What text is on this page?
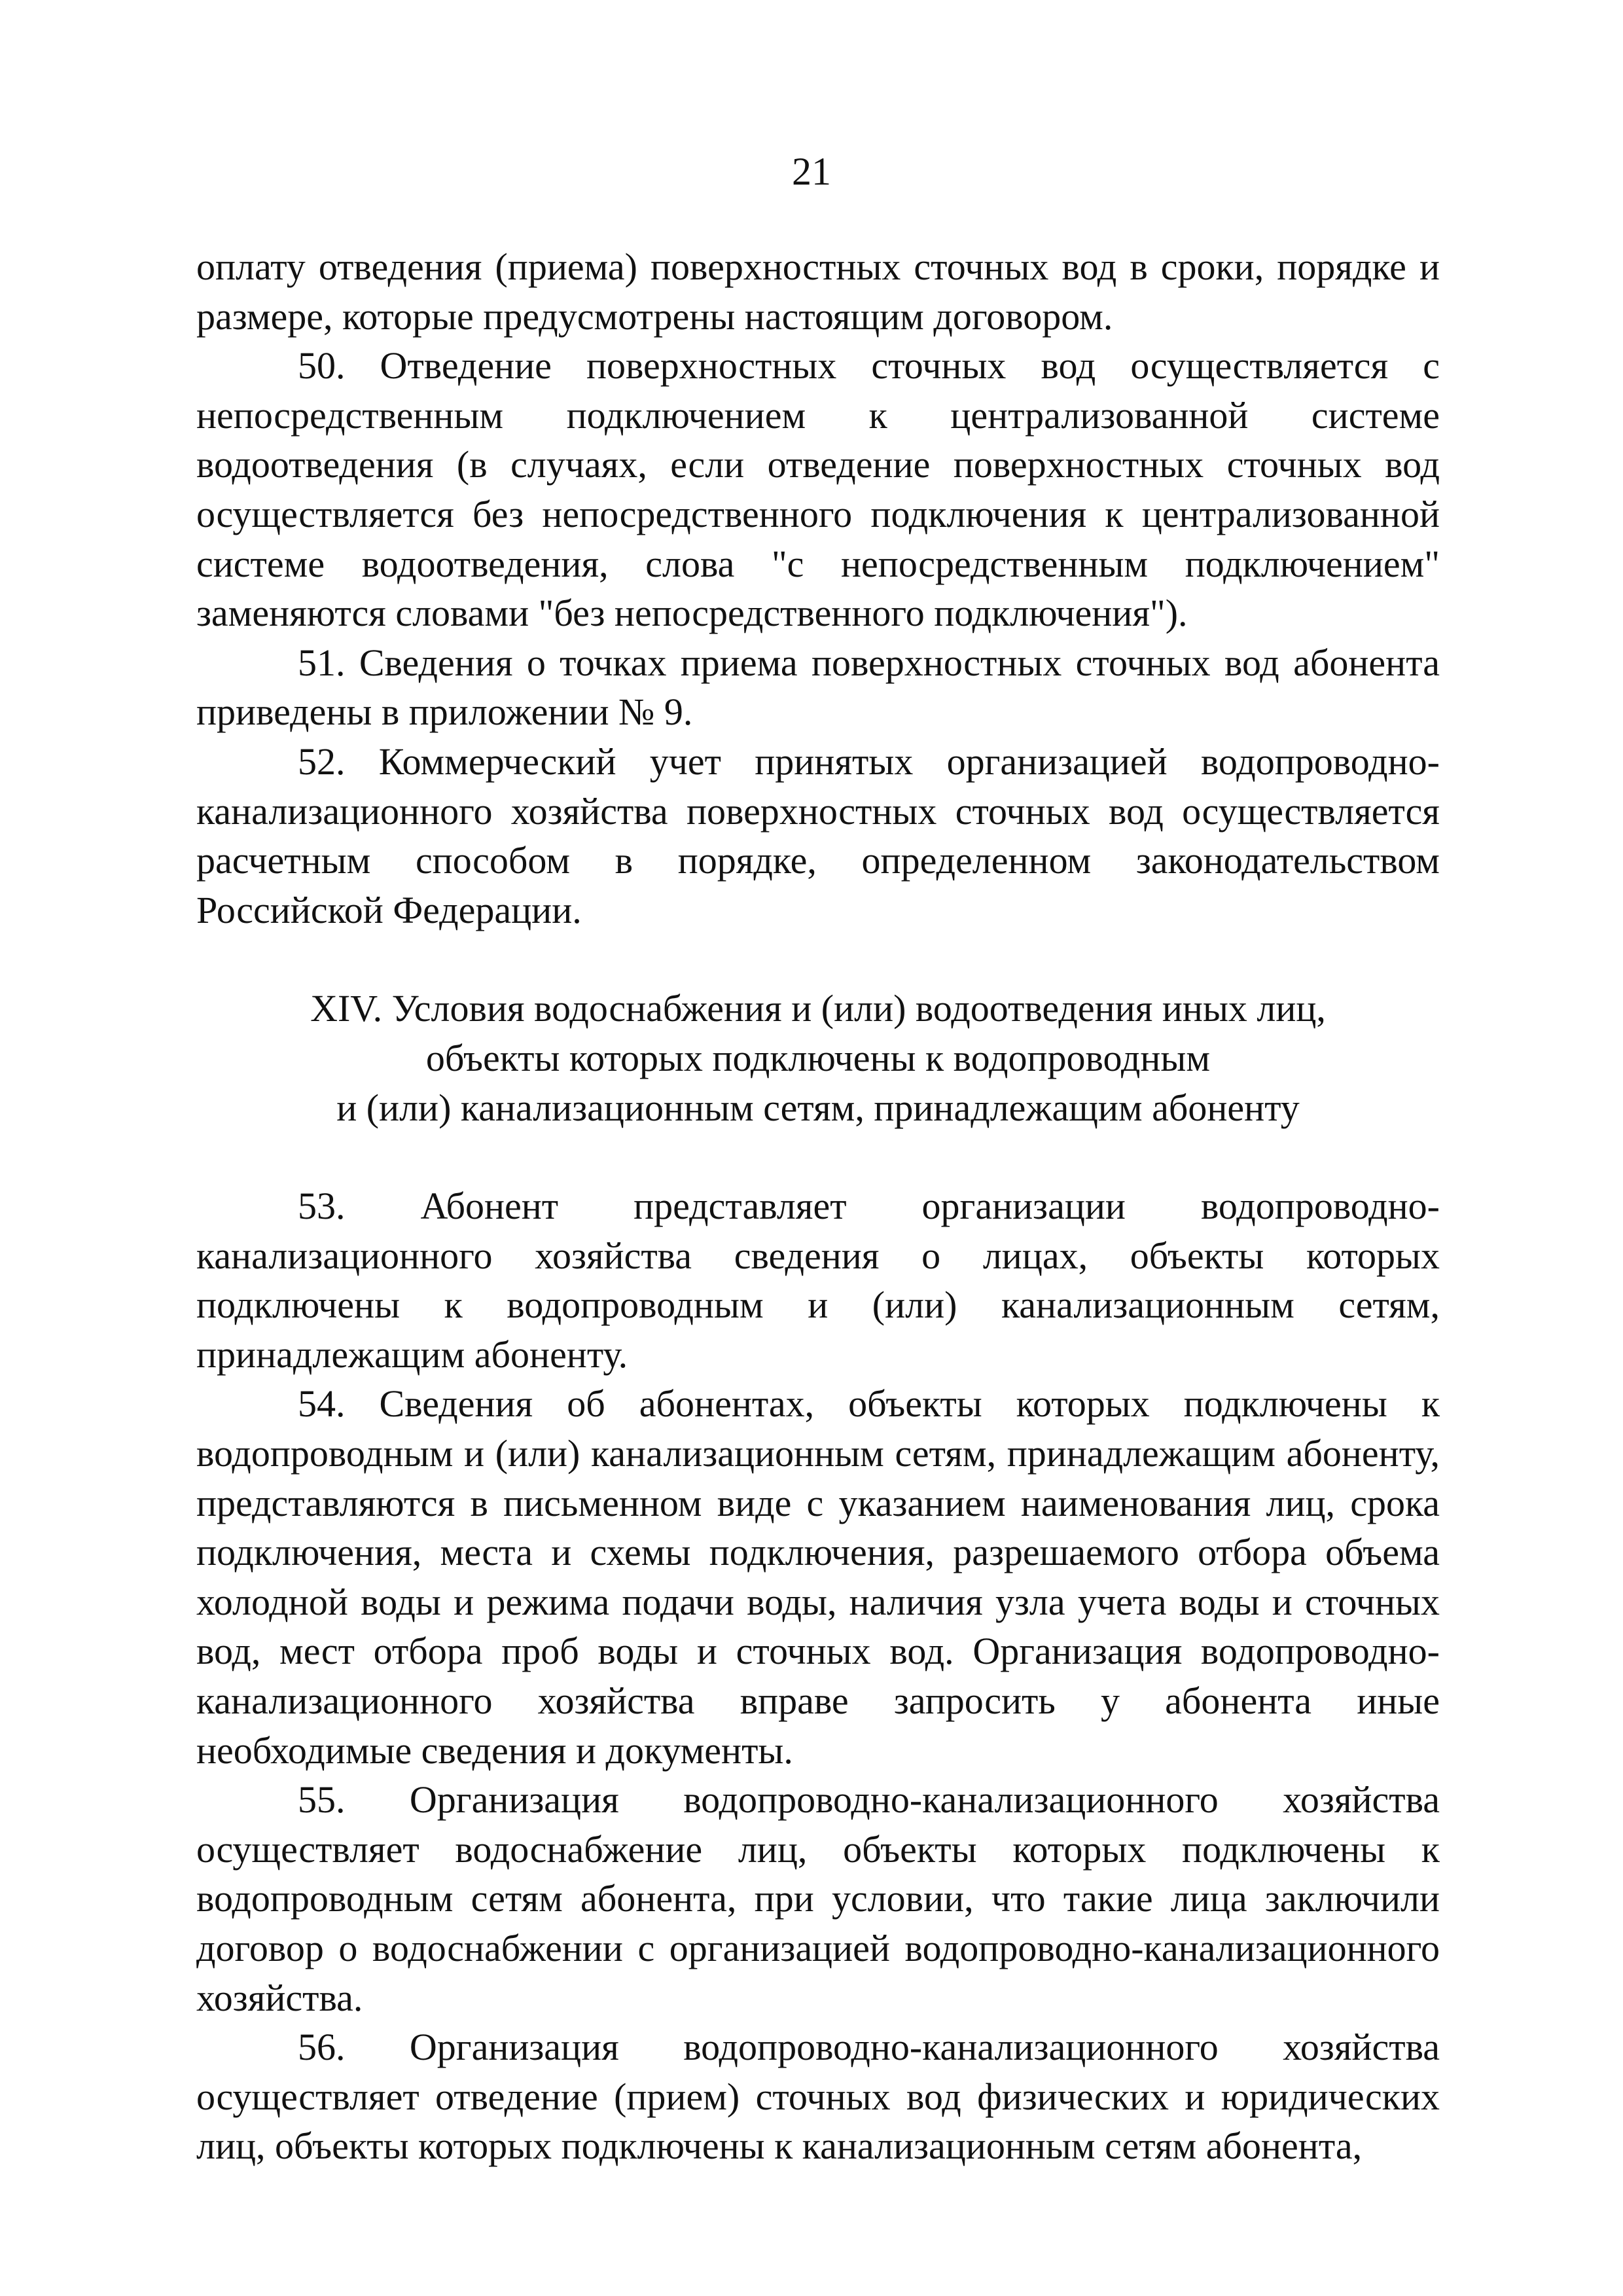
21

оплату отведения (приема) поверхностных сточных вод в сроки, порядке и размере, которые предусмотрены настоящим договором.

50. Отведение поверхностных сточных вод осуществляется с непосредственным подключением к централизованной системе водоотведения (в случаях, если отведение поверхностных сточных вод осуществляется без непосредственного подключения к централизованной системе водоотведения, слова "с непосредственным подключением" заменяются словами "без непосредственного подключения").

51. Сведения о точках приема поверхностных сточных вод абонента приведены в приложении № 9.

52. Коммерческий учет принятых организацией водопроводно-канализационного хозяйства поверхностных сточных вод осуществляется расчетным способом в порядке, определенном законодательством Российской Федерации.

XIV. Условия водоснабжения и (или) водоотведения иных лиц,
объекты которых подключены к водопроводным
и (или) канализационным сетям, принадлежащим абоненту

53. Абонент представляет организации водопроводно-канализационного хозяйства сведения о лицах, объекты которых подключены к водопроводным и (или) канализационным сетям, принадлежащим абоненту.

54. Сведения об абонентах, объекты которых подключены к водопроводным и (или) канализационным сетям, принадлежащим абоненту, представляются в письменном виде с указанием наименования лиц, срока подключения, места и схемы подключения, разрешаемого отбора объема холодной воды и режима подачи воды, наличия узла учета воды и сточных вод, мест отбора проб воды и сточных вод. Организация водопроводно-канализационного хозяйства вправе запросить у абонента иные необходимые сведения и документы.

55. Организация водопроводно-канализационного хозяйства осуществляет водоснабжение лиц, объекты которых подключены к водопроводным сетям абонента, при условии, что такие лица заключили договор о водоснабжении с организацией водопроводно-канализационного хозяйства.

56. Организация водопроводно-канализационного хозяйства осуществляет отведение (прием) сточных вод физических и юридических лиц, объекты которых подключены к канализационным сетям абонента,
